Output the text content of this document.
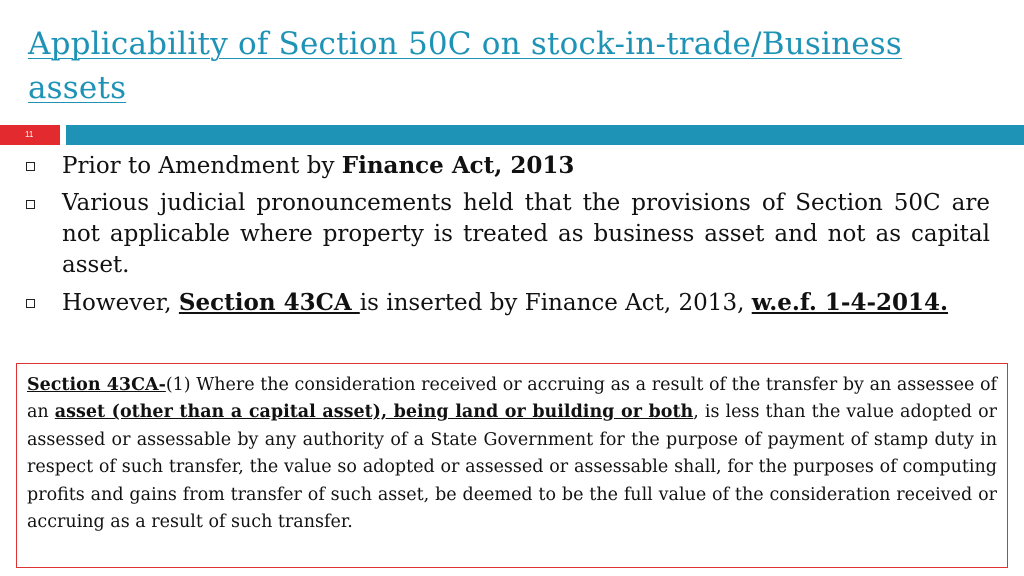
Applicability of Section 50C on stock-in-trade/Business assets
11
Prior to Amendment by Finance Act, 2013
Various judicial pronouncements held that the provisions of Section 50C are not applicable where property is treated as business asset and not as capital asset.
However, Section 43CA is inserted by Finance Act, 2013, w.e.f. 1-4-2014.
Section 43CA-(1) Where the consideration received or accruing as a result of the transfer by an assessee of an asset (other than a capital asset), being land or building or both, is less than the value adopted or assessed or assessable by any authority of a State Government for the purpose of payment of stamp duty in respect of such transfer, the value so adopted or assessed or assessable shall, for the purposes of computing profits and gains from transfer of such asset, be deemed to be the full value of the consideration received or accruing as a result of such transfer.
